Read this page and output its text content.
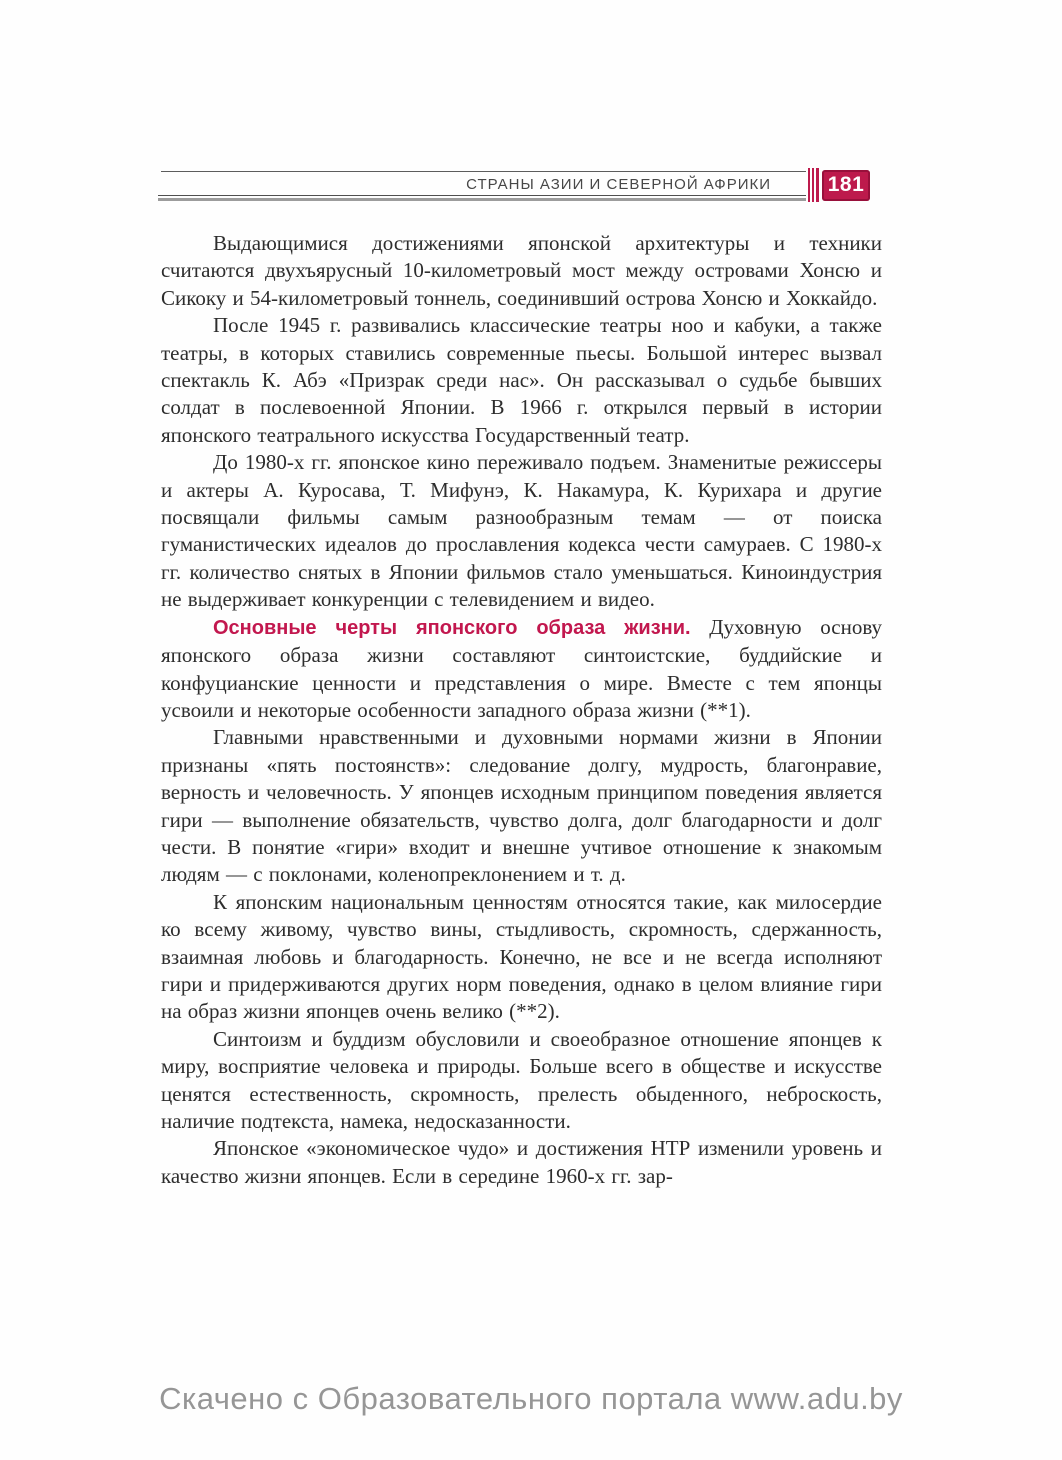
СТРАНЫ АЗИИ И СЕВЕРНОЙ АФРИКИ	181

Выдающимися достижениями японской архитектуры и техники считаются двухъярусный 10-километровый мост между островами Хонсю и Сикоку и 54-километровый тоннель, соединивший острова Хонсю и Хоккайдо.

После 1945 г. развивались классические театры ноо и кабуки, а также театры, в которых ставились современные пьесы. Большой интерес вызвал спектакль К. Абэ «Призрак среди нас». Он рассказывал о судьбе бывших солдат в послевоенной Японии. В 1966 г. открылся первый в истории японского театрального искусства Государственный театр.

До 1980-х гг. японское кино переживало подъем. Знаменитые режиссеры и актеры А. Куросава, Т. Мифунэ, К. Накамура, К. Курихара и другие посвящали фильмы самым разнообразным темам — от поиска гуманистических идеалов до прославления кодекса чести самураев. С 1980-х гг. количество снятых в Японии фильмов стало уменьшаться. Киноиндустрия не выдерживает конкуренции с телевидением и видео.

Основные черты японского образа жизни. Духовную основу японского образа жизни составляют синтоистские, буддийские и конфуцианские ценности и представления о мире. Вместе с тем японцы усвоили и некоторые особенности западного образа жизни (**1).

Главными нравственными и духовными нормами жизни в Японии признаны «пять постоянств»: следование долгу, мудрость, благонравие, верность и человечность. У японцев исходным принципом поведения является гири — выполнение обязательств, чувство долга, долг благодарности и долг чести. В понятие «гири» входит и внешне учтивое отношение к знакомым людям — с поклонами, коленопреклонением и т. д.

К японским национальным ценностям относятся такие, как милосердие ко всему живому, чувство вины, стыдливость, скромность, сдержанность, взаимная любовь и благодарность. Конечно, не все и не всегда исполняют гири и придерживаются других норм поведения, однако в целом влияние гири на образ жизни японцев очень велико (**2).

Синтоизм и буддизм обусловили и своеобразное отношение японцев к миру, восприятие человека и природы. Больше всего в обществе и искусстве ценятся естественность, скромность, прелесть обыденного, неброскость, наличие подтекста, намека, недосказанности.

Японское «экономическое чудо» и достижения НТР изменили уровень и качество жизни японцев. Если в середине 1960-х гг. зар-

Скачено с Образовательного портала www.adu.by
